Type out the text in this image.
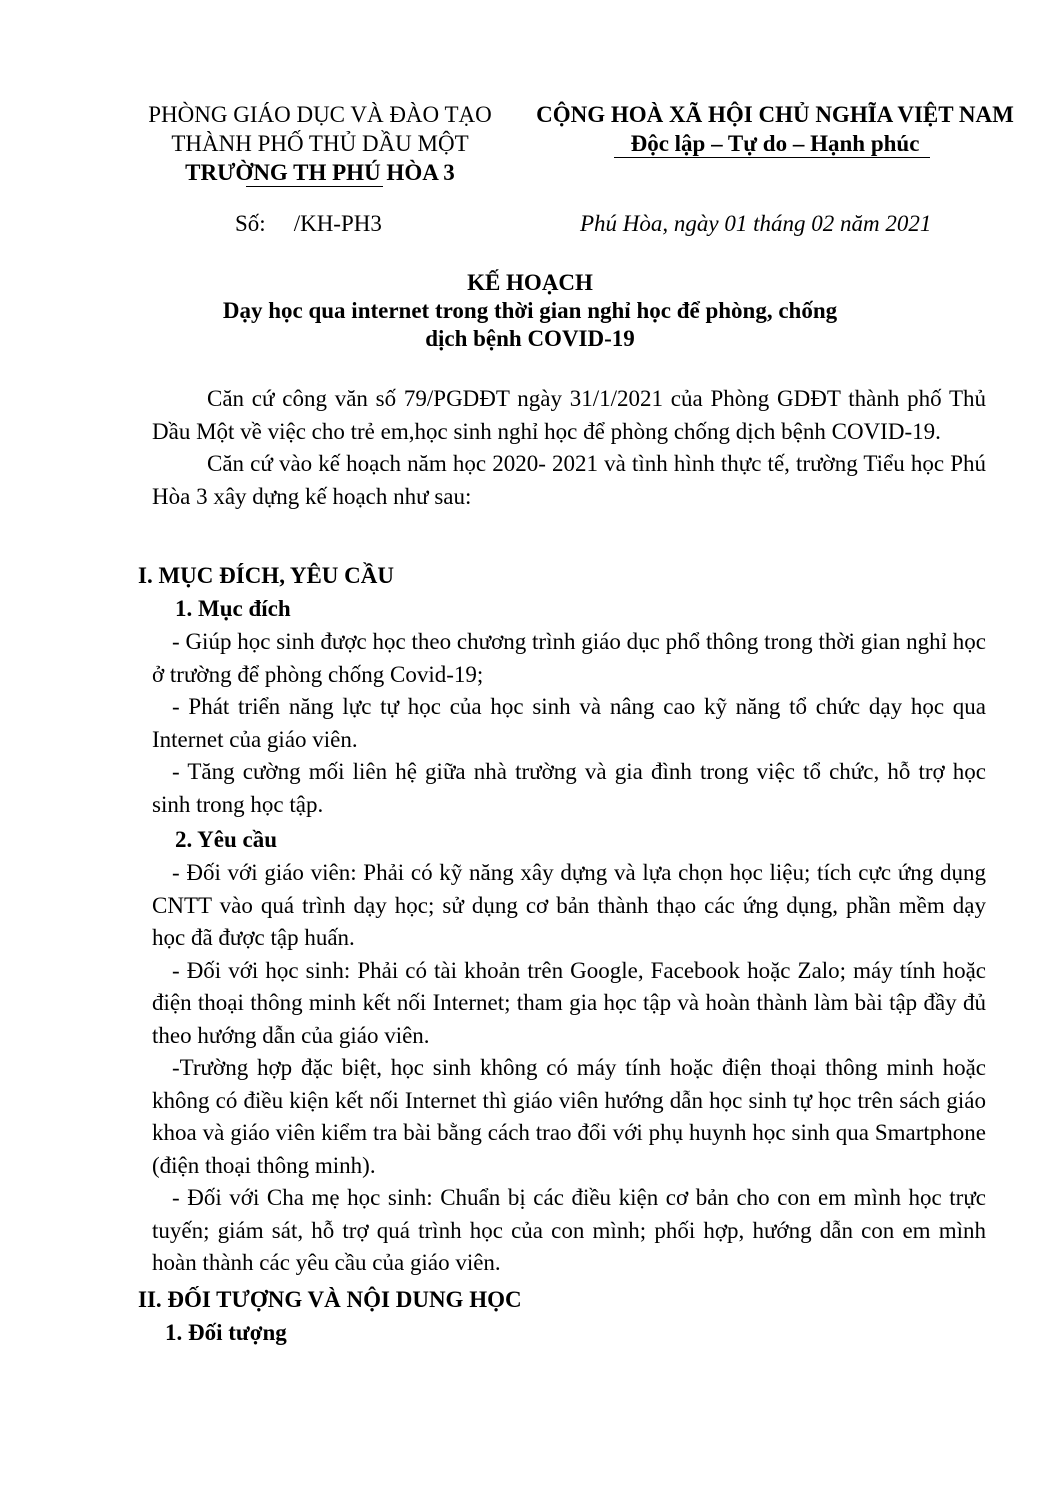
PHÒNG GIÁO DỤC VÀ ĐÀO TẠO
THÀNH PHỐ THỦ DẦU MỘT
TRƯỜNG TH PHÚ HÒA 3
CỘNG HOÀ XÃ HỘI CHỦ NGHĨA VIỆT NAM
Độc lập – Tự do – Hạnh phúc
Số: /KH-PH3	Phú Hòa, ngày 01 tháng 02 năm 2021
KẾ HOẠCH
Dạy học qua internet trong thời gian nghỉ học để phòng, chống
dịch bệnh COVID-19

Căn cứ công văn số 79/PGDĐT ngày 31/1/2021 của Phòng GDĐT thành phố Thủ Dầu Một về việc cho trẻ em,học sinh nghỉ học để phòng chống dịch bệnh COVID-19.

Căn cứ vào kế hoạch năm học 2020- 2021 và tình hình thực tế, trường Tiểu học Phú Hòa 3 xây dựng kế hoạch như sau:

I. MỤC ĐÍCH, YÊU CẦU
1. Mục đích

- Giúp học sinh được học theo chương trình giáo dục phổ thông trong thời gian nghỉ học ở trường để phòng chống Covid-19;

- Phát triển năng lực tự học của học sinh và nâng cao kỹ năng tổ chức dạy học qua Internet của giáo viên.

- Tăng cường mối liên hệ giữa nhà trường và gia đình trong việc tổ chức, hỗ trợ học sinh trong học tập.

2. Yêu cầu

- Đối với giáo viên: Phải có kỹ năng xây dựng và lựa chọn học liệu; tích cực ứng dụng CNTT vào quá trình dạy học; sử dụng cơ bản thành thạo các ứng dụng, phần mềm dạy học đã được tập huấn.

- Đối với học sinh: Phải có tài khoản trên Google, Facebook hoặc Zalo; máy tính hoặc điện thoại thông minh kết nối Internet; tham gia học tập và hoàn thành làm bài tập đầy đủ theo hướng dẫn của giáo viên.

-Trường hợp đặc biệt, học sinh không có máy tính hoặc điện thoại thông minh hoặc không có điều kiện kết nối Internet thì giáo viên hướng dẫn học sinh tự học trên sách giáo khoa và giáo viên kiểm tra bài bằng cách trao đổi với phụ huynh học sinh qua Smartphone (điện thoại thông minh).

- Đối với Cha mẹ học sinh: Chuẩn bị các điều kiện cơ bản cho con em mình học trực tuyến; giám sát, hỗ trợ quá trình học của con mình; phối hợp, hướng dẫn con em mình hoàn thành các yêu cầu của giáo viên.

II. ĐỐI TƯỢNG VÀ NỘI DUNG HỌC
1. Đối tượng
